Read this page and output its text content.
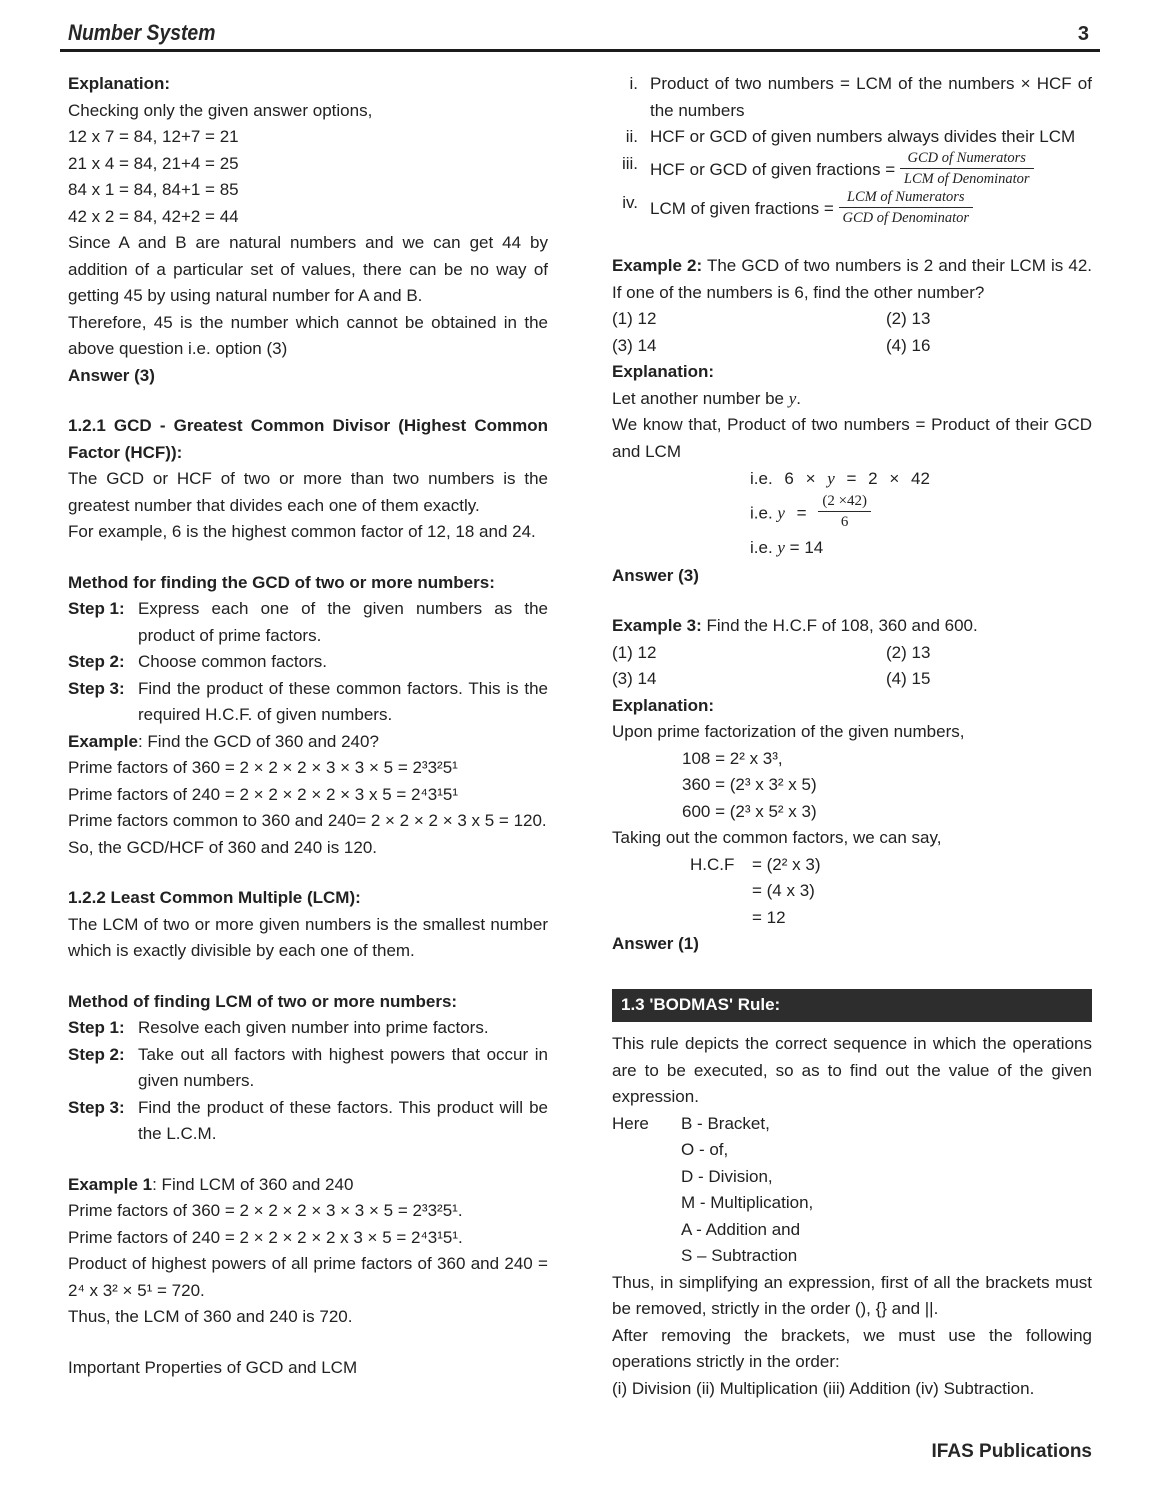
Number System	3

Explanation:

Checking only the given answer options,

12 x 7 = 84, 12+7 = 21

21 x 4 = 84, 21+4 = 25

84 x 1 = 84, 84+1 = 85

42 x 2 = 84, 42+2 = 44

Since A and B are natural numbers and we can get 44 by addition of a particular set of values, there can be no way of getting 45 by using natural number for A and B.

Therefore, 45 is the number which cannot be obtained in the above question i.e. option (3)

Answer (3)

1.2.1 GCD - Greatest Common Divisor (Highest Common Factor (HCF)):

The GCD or HCF of two or more than two numbers is the greatest number that divides each one of them exactly.

For example, 6 is the highest common factor of 12, 18 and 24.

Method for finding the GCD of two or more numbers:

Step 1: Express each one of the given numbers as the product of prime factors.
Step 2: Choose common factors.
Step 3: Find the product of these common factors. This is the required H.C.F. of given numbers.

Example: Find the GCD of 360 and 240?

Prime factors of 360 = 2 × 2 × 2 × 3 × 3 × 5 = 2³3²5¹

Prime factors of 240 = 2 × 2 × 2 × 2 × 3 x 5 = 2⁴3¹5¹

Prime factors common to 360 and 240= 2 × 2 × 2 × 3 x 5 = 120.

So, the GCD/HCF of 360 and 240 is 120.

1.2.2 Least Common Multiple (LCM):

The LCM of two or more given numbers is the smallest number which is exactly divisible by each one of them.

Method of finding LCM of two or more numbers:

Step 1: Resolve each given number into prime factors.
Step 2: Take out all factors with highest powers that occur in given numbers.
Step 3: Find the product of these factors. This product will be the L.C.M.

Example 1: Find LCM of 360 and 240

Prime factors of 360 = 2 × 2 × 2 × 3 × 3 × 5 = 2³3²5¹.

Prime factors of 240 = 2 × 2 × 2 × 2 x 3 × 5 = 2⁴3¹5¹.

Product of highest powers of all prime factors of 360 and 240 = 2⁴ x 3² × 5¹ = 720.

Thus, the LCM of 360 and 240 is 720.

Important Properties of GCD and LCM

i. Product of two numbers = LCM of the numbers × HCF of the numbers
ii. HCF or GCD of given numbers always divides their LCM
iii. HCF or GCD of given fractions = $\frac{\text{GCD of Numerators}}{\text{LCM of Denominator}}$
iv. LCM of given fractions = $\frac{\text{LCM of Numerators}}{\text{GCD of Denominator}}$

Example 2: The GCD of two numbers is 2 and their LCM is 42. If one of the numbers is 6, find the other number?

(1) 12	(2) 13
(3) 14	(4) 16

Explanation:

Let another number be y.

We know that, Product of two numbers = Product of their GCD and LCM

i.e. 6 × y = 2 × 42

i.e. $y = \frac{(2 \times 42)}{6}$

i.e. y = 14

Answer (3)

Example 3: Find the H.C.F of 108, 360 and 600.

(1) 12	(2) 13
(3) 14	(4) 15

Explanation:

Upon prime factorization of the given numbers,

108 = 2² x 3³,

360 = (2³ x 3² x 5)

600 = (2³ x 5² x 3)

Taking out the common factors, we can say,

H.C.F	= (2² x 3)

= (4 x 3)

= 12

Answer (1)

1.3 'BODMAS' Rule:

This rule depicts the correct sequence in which the operations are to be executed, so as to find out the value of the given expression.

Here	B - Bracket,

O - of,

D - Division,

M - Multiplication,

A - Addition and

S – Subtraction

Thus, in simplifying an expression, first of all the brackets must be removed, strictly in the order (), {} and ||.

After removing the brackets, we must use the following operations strictly in the order:

(i) Division (ii) Multiplication (iii) Addition (iv) Subtraction.

IFAS Publications
